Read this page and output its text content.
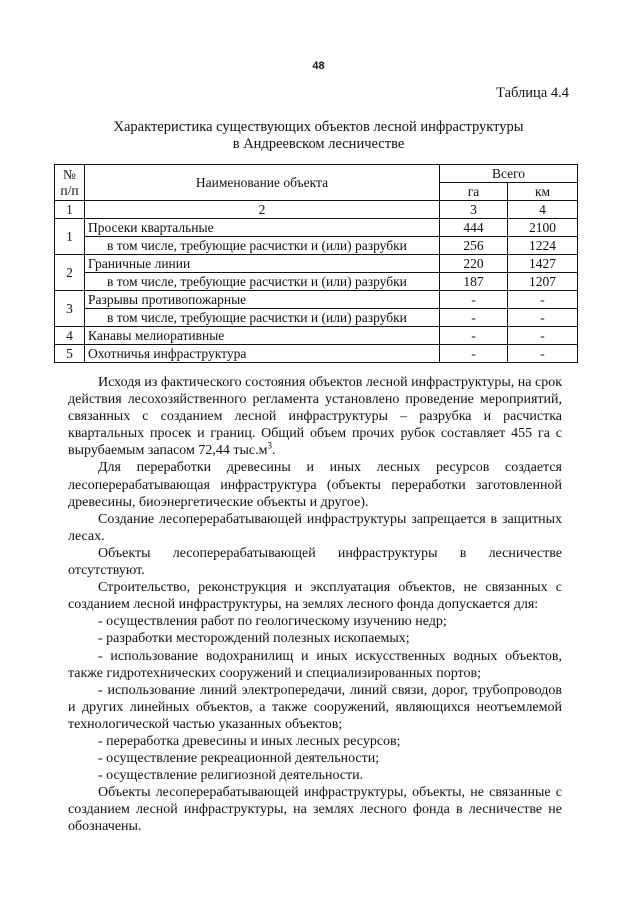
48
Таблица 4.4
Характеристика существующих объектов лесной инфраструктуры
в Андреевском лесничестве
№
п/п	Наименование объекта	Всего	
		га	км
1	2	3	4
1	Просеки квартальные	444	2100
	в том числе, требующие расчистки и (или) разрубки	256	1224
2	Граничные линии	220	1427
	в том числе, требующие расчистки и (или) разрубки	187	1207
3	Разрывы противопожарные	-	-
	в том числе, требующие расчистки и (или) разрубки	-	-
4	Канавы мелиоративные	-	-
5	Охотничья инфраструктура	-	-

Исходя из фактического состояния объектов лесной инфраструктуры, на срок действия лесохозяйственного регламента установлено проведение мероприятий, связанных с созданием лесной инфраструктуры – разрубка и расчистка квартальных просек и границ. Общий объем прочих рубок составляет 455 га с вырубаемым запасом 72,44 $тыс.м^3$.

Для переработки древесины и иных лесных ресурсов создается лесоперерабатывающая инфраструктура (объекты переработки заготовленной древесины, биоэнергетические объекты и другое).

Создание лесоперерабатывающей инфраструктуры запрещается в защитных лесах.

Объекты лесоперерабатывающей инфраструктуры в лесничестве отсутствуют.

Строительство, реконструкция и эксплуатация объектов, не связанных с созданием лесной инфраструктуры, на землях лесного фонда допускается для:

- осуществления работ по геологическому изучению недр;

- разработки месторождений полезных ископаемых;

- использование водохранилищ и иных искусственных водных объектов, также гидротехнических сооружений и специализированных портов;

- использование линий электропередачи, линий связи, дорог, трубопроводов и других линейных объектов, а также сооружений, являющихся неотъемлемой технологической частью указанных объектов;

- переработка древесины и иных лесных ресурсов;

- осуществление рекреационной деятельности;

- осуществление религиозной деятельности.

Объекты лесоперерабатывающей инфраструктуры, объекты, не связанные с созданием лесной инфраструктуры, на землях лесного фонда в лесничестве не обозначены.
